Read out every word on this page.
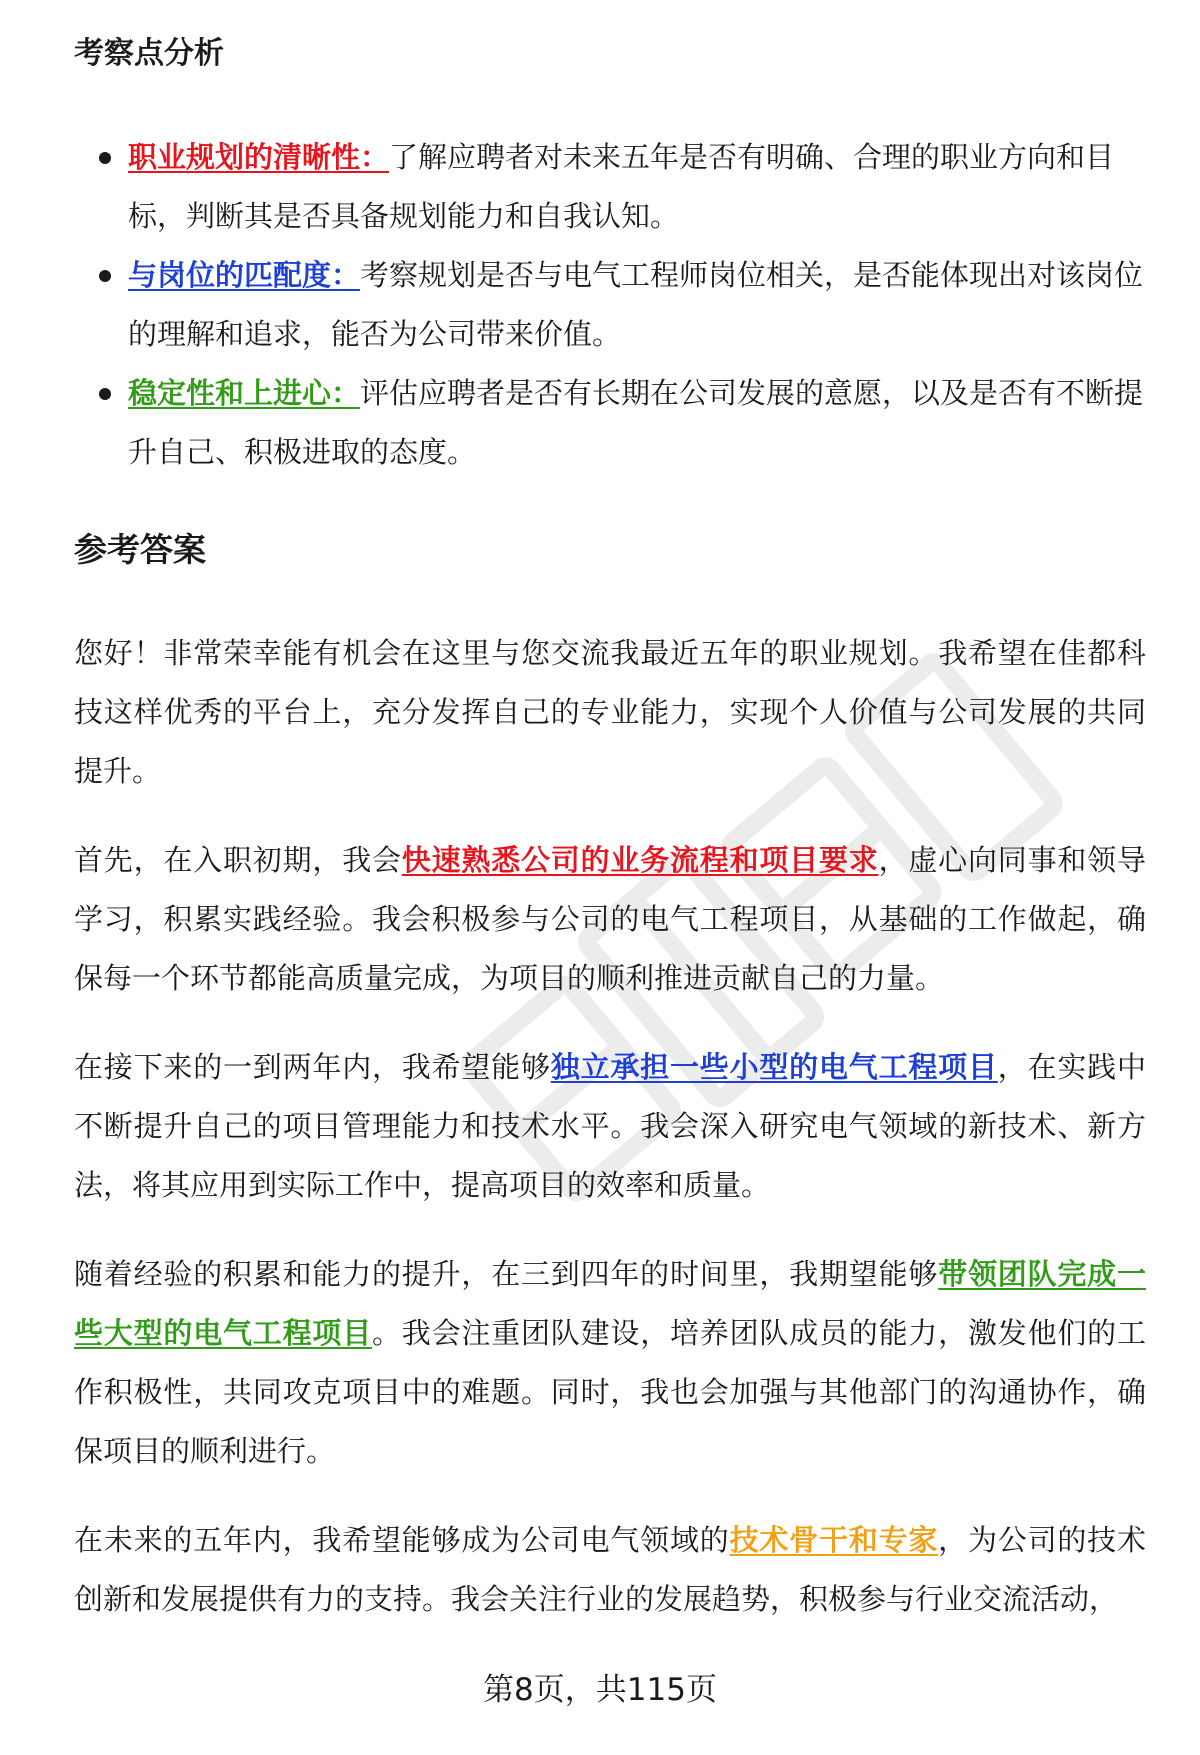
考察点分析
职业规划的清晰性：了解应聘者对未来五年是否有明确、合理的职业方向和目标，判断其是否具备规划能力和自我认知。
与岗位的匹配度：考察规划是否与电气工程师岗位相关，是否能体现出对该岗位的理解和追求，能否为公司带来价值。
稳定性和上进心：评估应聘者是否有长期在公司发展的意愿，以及是否有不断提升自己、积极进取的态度。
参考答案

您好！非常荣幸能有机会在这里与您交流我最近五年的职业规划。我希望在佳都科技这样优秀的平台上，充分发挥自己的专业能力，实现个人价值与公司发展的共同提升。

首先，在入职初期，我会快速熟悉公司的业务流程和项目要求，虚心向同事和领导学习，积累实践经验。我会积极参与公司的电气工程项目，从基础的工作做起，确保每一个环节都能高质量完成，为项目的顺利推进贡献自己的力量。

在接下来的一到两年内，我希望能够独立承担一些小型的电气工程项目，在实践中不断提升自己的项目管理能力和技术水平。我会深入研究电气领域的新技术、新方法，将其应用到实际工作中，提高项目的效率和质量。

随着经验的积累和能力的提升，在三到四年的时间里，我期望能够带领团队完成一些大型的电气工程项目。我会注重团队建设，培养团队成员的能力，激发他们的工作积极性，共同攻克项目中的难题。同时，我也会加强与其他部门的沟通协作，确保项目的顺利进行。

在未来的五年内，我希望能够成为公司电气领域的技术骨干和专家，为公司的技术创新和发展提供有力的支持。我会关注行业的发展趋势，积极参与行业交流活动，

第8页，共115页
